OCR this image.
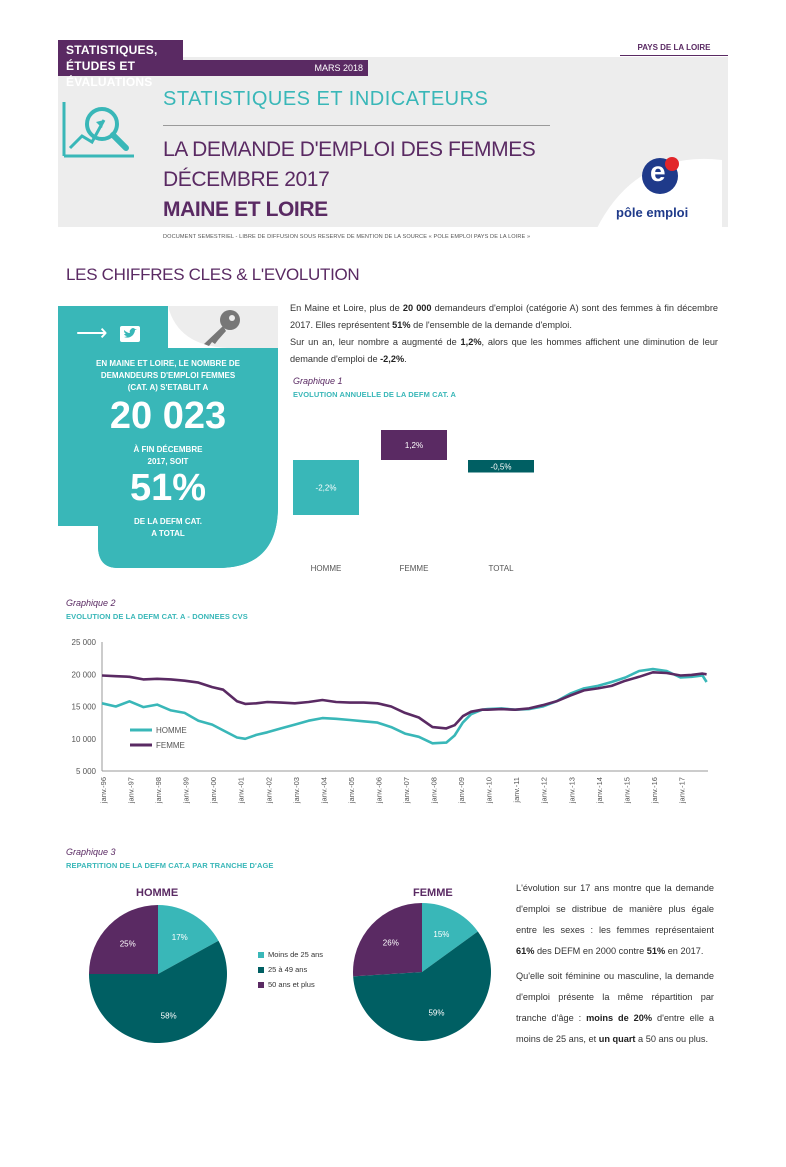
STATISTIQUES,
ÉTUDES ET ÉVALUATIONS
MARS 2018
PAYS DE LA LOIRE
STATISTIQUES ET INDICATEURS
LA DEMANDE D'EMPLOI DES FEMMES
DÉCEMBRE 2017
MAINE ET LOIRE
e
pôle emploi
DOCUMENT SEMESTRIEL - LIBRE DE DIFFUSION SOUS RESERVE DE MENTION DE LA SOURCE « POLE EMPLOI PAYS DE LA LOIRE »
LES CHIFFRES CLES & L'EVOLUTION
⟶
EN MAINE ET LOIRE, LE NOMBRE DE
DEMANDEURS D'EMPLOI FEMMES
(CAT. A) S'ETABLIT A
20 023
À FIN DÉCEMBRE
2017, SOIT
51%
DE LA DEFM CAT.
A TOTAL
En Maine et Loire, plus de 20 000 demandeurs d'emploi (catégorie A) sont des femmes à fin décembre 2017. Elles représentent 51% de l'ensemble de la demande d'emploi.
Sur un an, leur nombre a augmenté de 1,2%, alors que les hommes affichent une diminution de leur demande d'emploi de -2,2%.
Graphique 1
EVOLUTION ANNUELLE DE LA DEFM CAT. A
-2,2%
HOMME
1,2%
FEMME
-0,5%
TOTAL
Graphique 2
EVOLUTION DE LA DEFM CAT. A - DONNEES CVS
5 000
10 000
15 000
20 000
25 000
janv.-96 janv.-97 janv.-98 janv.-99 janv.-00 janv.-01 janv.-02 janv.-03 janv.-04 janv.-05 janv.-06 janv.-07 janv.-08 janv.-09 janv.-10 janv.-11 janv.-12 janv.-13 janv.-14 janv.-15 janv.-16 janv.-17
HOMME
FEMME
Graphique 3
REPARTITION DE LA DEFM CAT.A PAR TRANCHE D'AGE
HOMME	FEMME
17%
58%
25%
15%
59%
26%
Moins de 25 ans
25 à 49 ans
50 ans et plus
L'évolution sur 17 ans montre que la demande d'emploi se distribue de manière plus égale entre les sexes : les femmes représentaient 61% des DEFM en 2000 contre 51% en 2017.
Qu'elle soit féminine ou masculine, la demande d'emploi présente la même répartition par tranche d'âge : moins de 20% d'entre elle a moins de 25 ans, et un quart a 50 ans ou plus.
